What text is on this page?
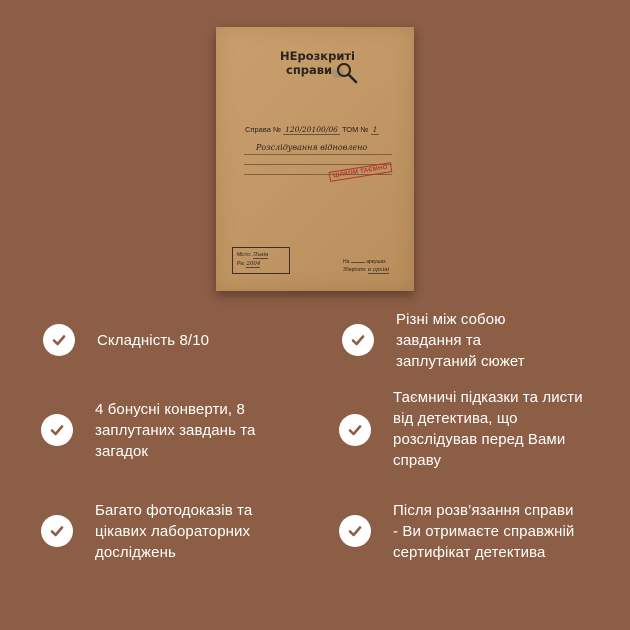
НЕрозкриті
справи
Справа № 120/20100/06 ТОМ № 1
Розслідування відновлено
ЦІЛКОМ ТАЄМНО
Місто: Львів
Рік: 2004	На	аркушах
Зберігати: в архіві
Складність 8/10
Різні між собою
завдання та
заплутаний сюжет
4 бонусні конверти, 8
заплутаних завдань та
загадок
Таємничі підказки та листи
від детектива, що
розслідував перед Вами
справу
Багато фотодоказів та
цікавих лабораторних
досліджень
Після розв’язання справи
- Ви отримаєте справжній
сертифікат детектива
